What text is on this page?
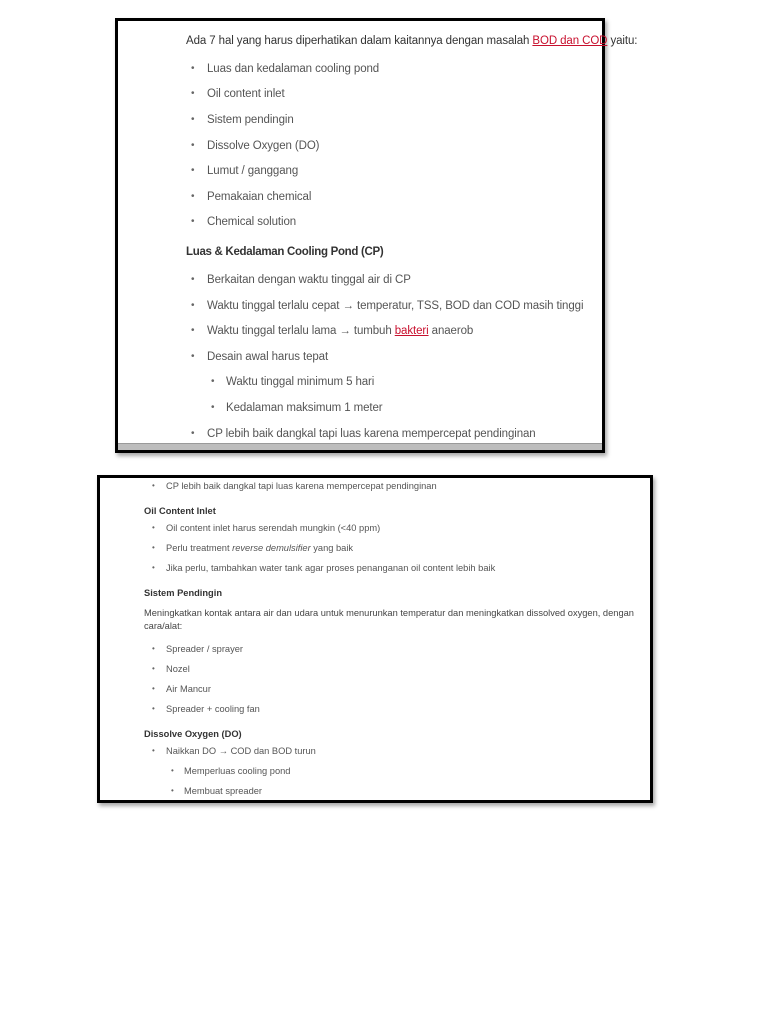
Ada 7 hal yang harus diperhatikan dalam kaitannya dengan masalah BOD dan COD yaitu:

• Luas dan kedalaman cooling pond
• Oil content inlet
• Sistem pendingin
• Dissolve Oxygen (DO)
• Lumut / ganggang
• Pemakaian chemical
• Chemical solution
Luas & Kedalaman Cooling Pond (CP)
• Berkaitan dengan waktu tinggal air di CP
• Waktu tinggal terlalu cepat → temperatur, TSS, BOD dan COD masih tinggi
• Waktu tinggal terlalu lama → tumbuh bakteri anaerob
• Desain awal harus tepat
• Waktu tinggal minimum 5 hari
• Kedalaman maksimum 1 meter
• CP lebih baik dangkal tapi luas karena mempercepat pendinginan
• CP lebih baik dangkal tapi luas karena mempercepat pendinginan
Oil Content Inlet
• Oil content inlet harus serendah mungkin (<40 ppm)
• Perlu treatment reverse demulsifier yang baik
• Jika perlu, tambahkan water tank agar proses penanganan oil content lebih baik
Sistem Pendingin

Meningkatkan kontak antara air dan udara untuk menurunkan temperatur dan meningkatkan dissolved oxygen, dengan cara/alat:

• Spreader / sprayer
• Nozel
• Air Mancur
• Spreader + cooling fan
Dissolve Oxygen (DO)
• Naikkan DO → COD dan BOD turun
• Memperluas cooling pond
• Membuat spreader
